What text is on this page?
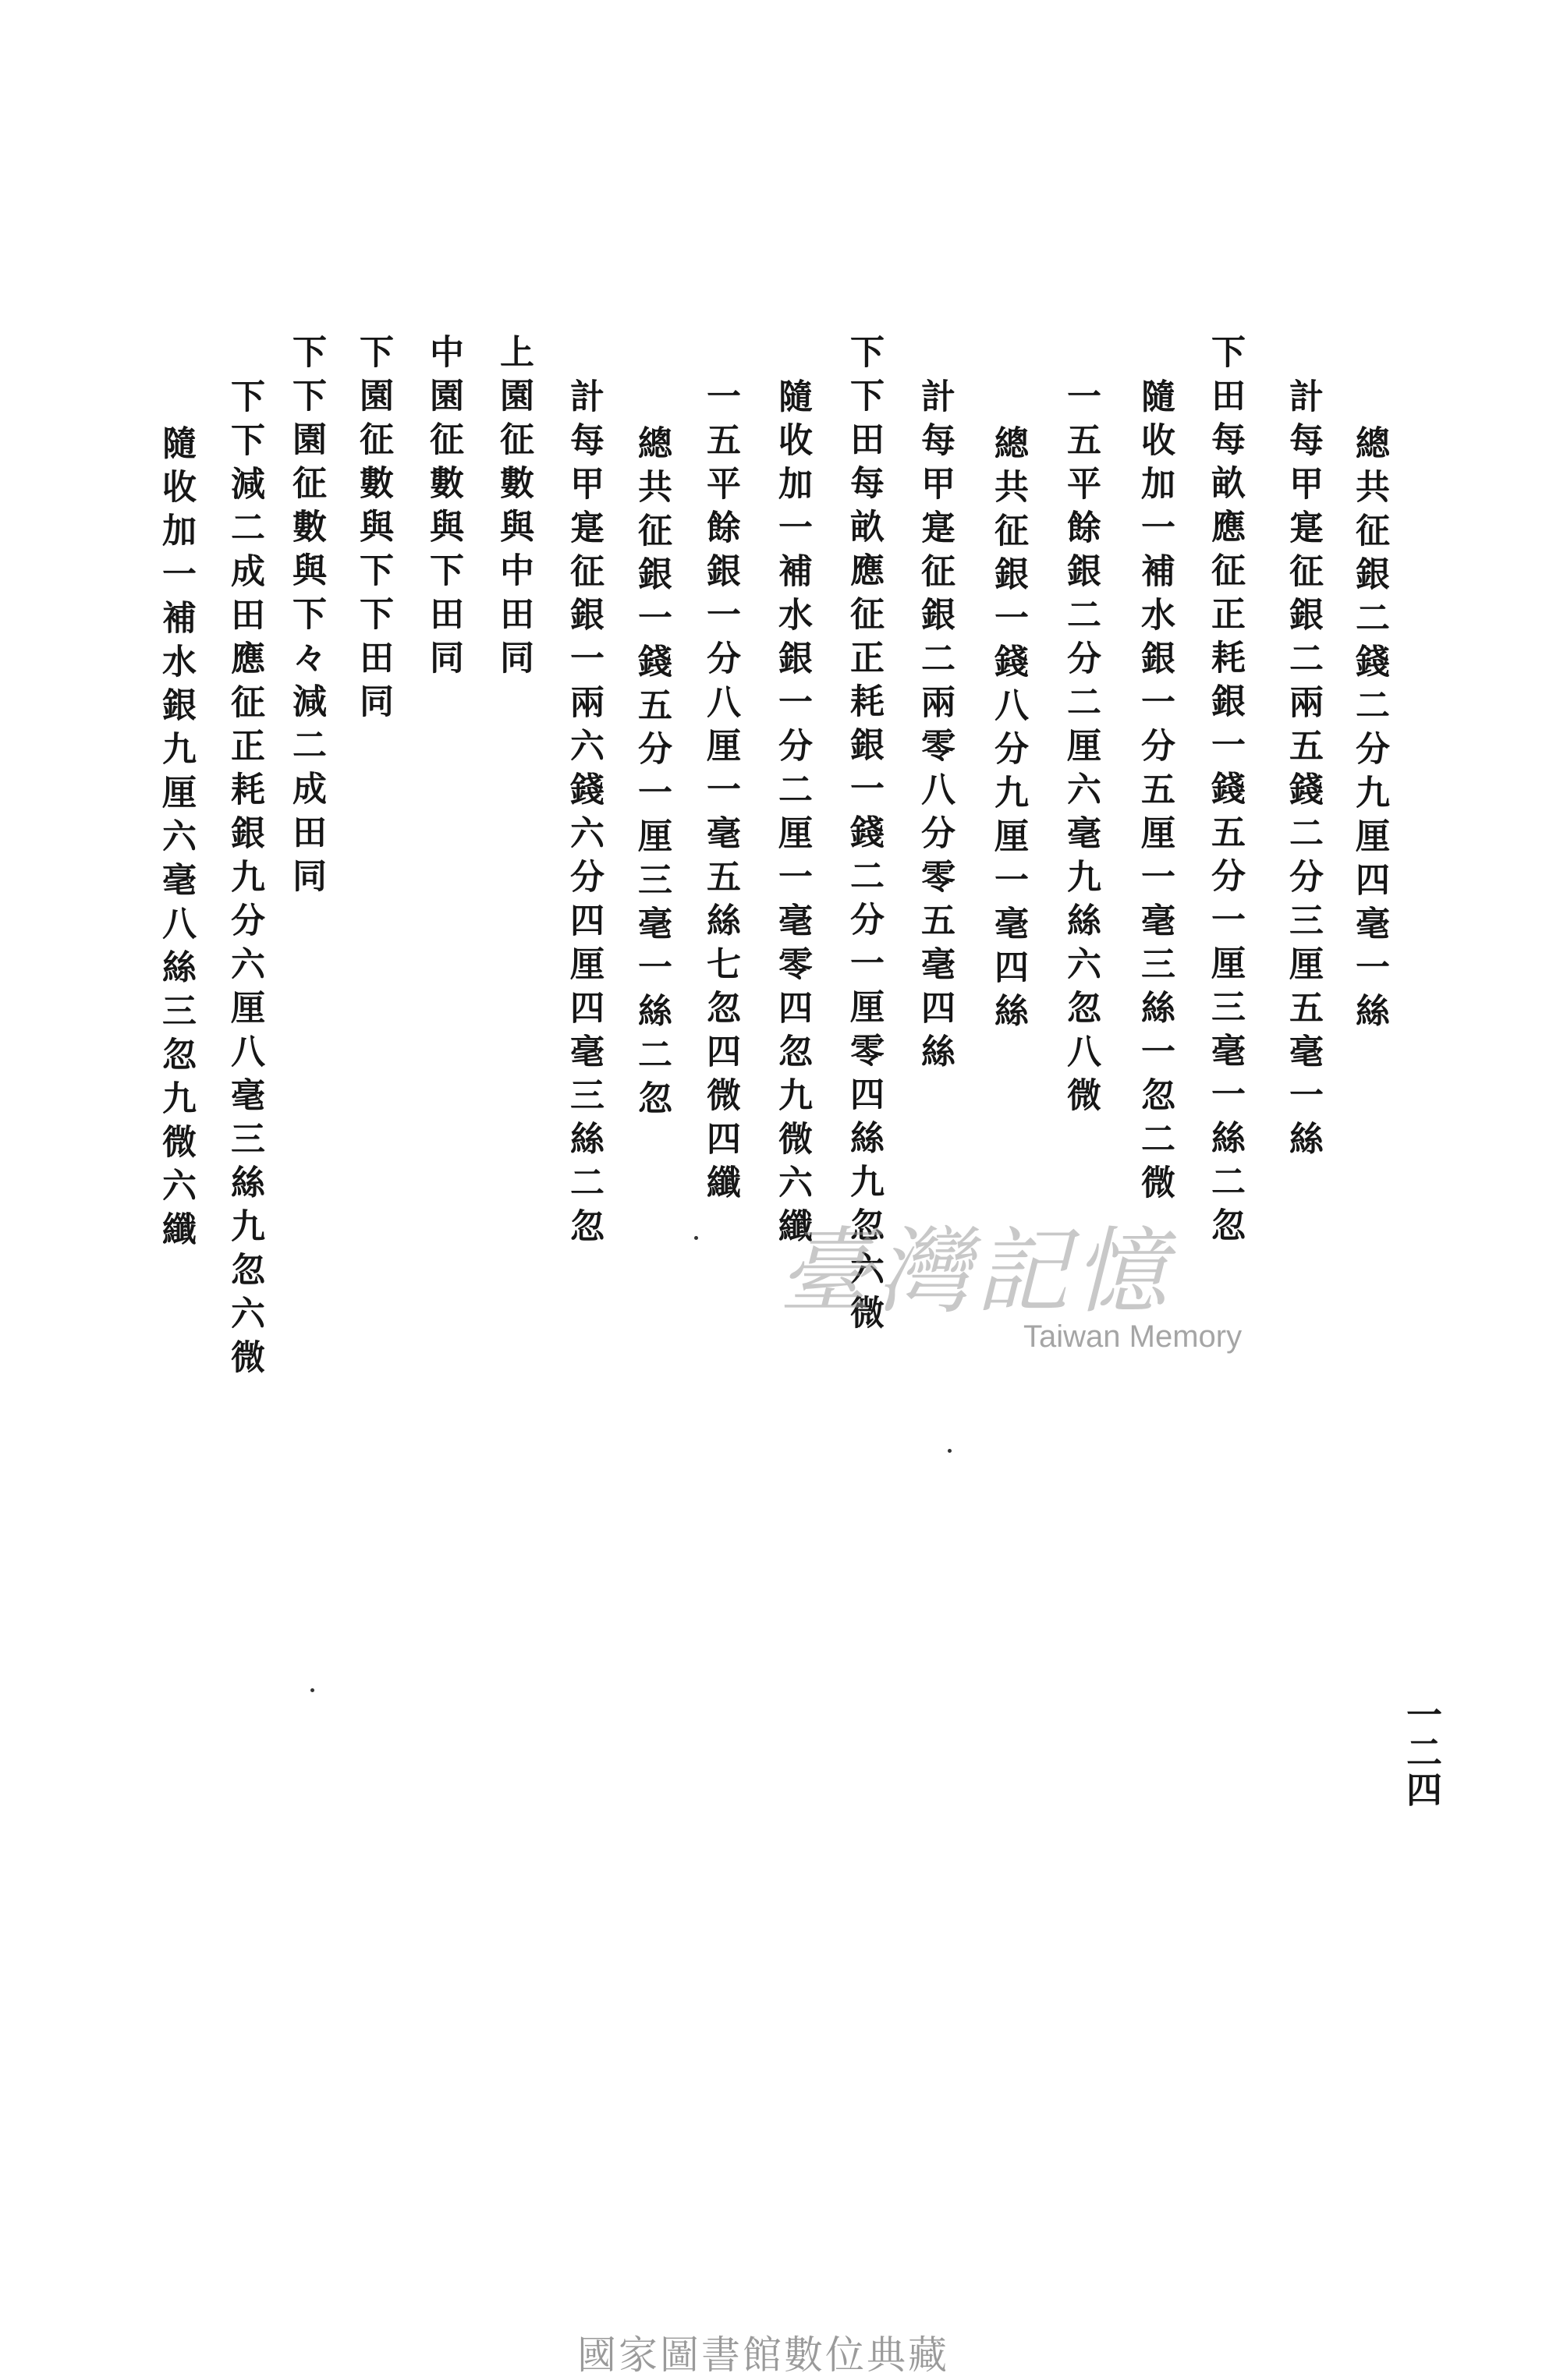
總共征銀二錢二分九厘四毫一絲
計每甲寔征銀二兩五錢二分三厘五毫一絲
下田每畝應征正耗銀一錢五分一厘三毫一絲二忽
隨收加一補水銀一分五厘一毫三絲一忽二微
一五平餘銀二分二厘六毫九絲六忽八微
總共征銀一錢八分九厘一毫四絲
計每甲寔征銀二兩零八分零五毫四絲
下下田每畝應征正耗銀一錢二分一厘零四絲九忽六微
隨收加一補水銀一分二厘一毫零四忽九微六纖
一五平餘銀一分八厘一毫五絲七忽四微四纖
總共征銀一錢五分一厘三毫一絲二忽
計每甲寔征銀一兩六錢六分四厘四毫三絲二忽
上園征數與中田同
中園征數與下田同
下園征數與下下田同
下下園征數與下々減二成田同
下下減二成田應征正耗銀九分六厘八毫三絲九忽六微
隨收加一補水銀九厘六毫八絲三忽九微六纖
一二四
臺灣記憶
Taiwan Memory
國家圖書館數位典藏
